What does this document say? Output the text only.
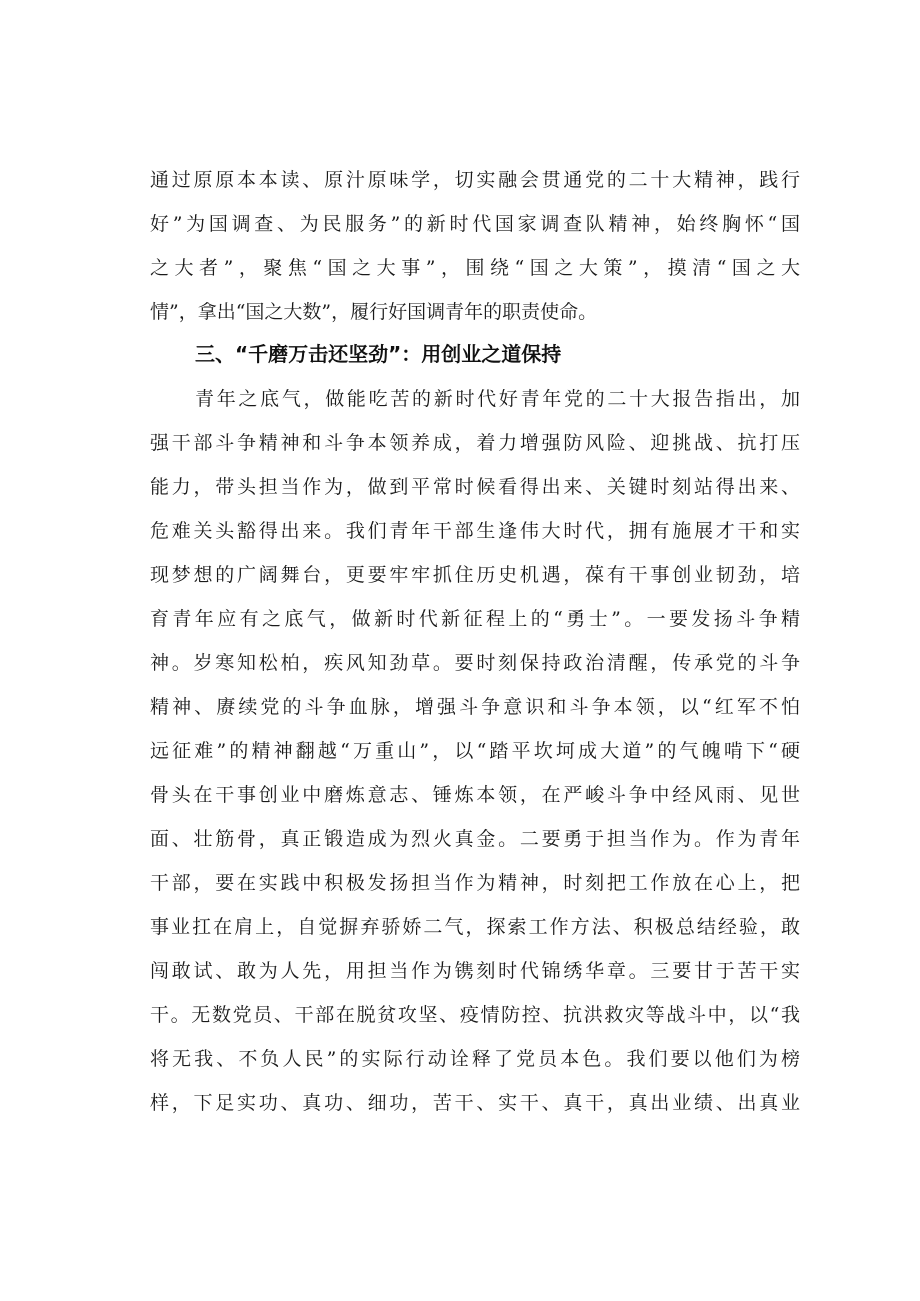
通过原原本本读、原汁原味学，切实融会贯通党的二十大精神，践行
好”为国调查、为民服务”的新时代国家调查队精神，始终胸怀“国
之大者”，聚焦“国之大事”，围绕“国之大策”，摸清“国之大
情”，拿出“国之大数”，履行好国调青年的职责使命。
三、“千磨万击还坚劲”：用创业之道保持
青年之底气，做能吃苦的新时代好青年党的二十大报告指出，加
强干部斗争精神和斗争本领养成，着力增强防风险、迎挑战、抗打压
能力，带头担当作为，做到平常时候看得出来、关键时刻站得出来、
危难关头豁得出来。我们青年干部生逢伟大时代，拥有施展才干和实
现梦想的广阔舞台，更要牢牢抓住历史机遇，葆有干事创业韧劲，培
育青年应有之底气，做新时代新征程上的“勇士”。一要发扬斗争精
神。岁寒知松柏，疾风知劲草。要时刻保持政治清醒，传承党的斗争
精神、赓续党的斗争血脉，增强斗争意识和斗争本领，以“红军不怕
远征难”的精神翻越“万重山”，以“踏平坎坷成大道”的气魄啃下“硬
骨头在干事创业中磨炼意志、锤炼本领，在严峻斗争中经风雨、见世
面、壮筋骨，真正锻造成为烈火真金。二要勇于担当作为。作为青年
干部，要在实践中积极发扬担当作为精神，时刻把工作放在心上，把
事业扛在肩上，自觉摒弃骄娇二气，探索工作方法、积极总结经验，敢
闯敢试、敢为人先，用担当作为镌刻时代锦绣华章。三要甘于苦干实
干。无数党员、干部在脱贫攻坚、疫情防控、抗洪救灾等战斗中，以“我
将无我、不负人民”的实际行动诠释了党员本色。我们要以他们为榜
样，下足实功、真功、细功，苦干、实干、真干，真出业绩、出真业
